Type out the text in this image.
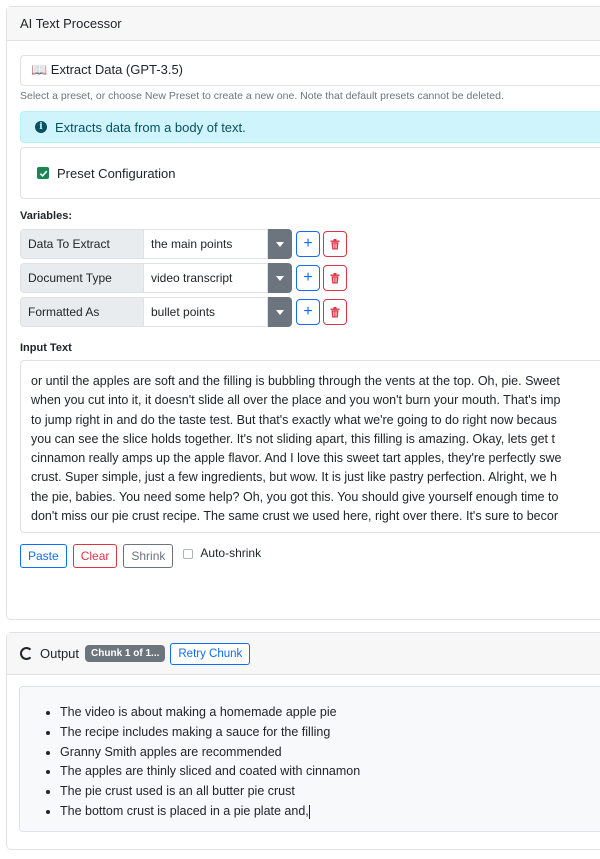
AI Text Processor
📖 Extract Data (GPT-3.5)
Select a preset, or choose New Preset to create a new one. Note that default presets cannot be deleted.
i Extracts data from a body of text.
Preset Configuration
Variables:
Data To Extract	the main points	+
Document Type	video transcript	+
Formatted As	bullet points	+
Input Text
or until the apples are soft and the filling is bubbling through the vents at the top. Oh, pie. Sweet
when you cut into it, it doesn't slide all over the place and you won't burn your mouth. That's imp
to jump right in and do the taste test. But that's exactly what we're going to do right now becaus
you can see the slice holds together. It's not sliding apart, this filling is amazing. Okay, lets get t
cinnamon really amps up the apple flavor. And I love this sweet tart apples, they're perfectly swe
crust. Super simple, just a few ingredients, but wow. It is just like pastry perfection. Alright, we h
the pie, babies. You need some help? Oh, you got this. You should give yourself enough time to
don't miss our pie crust recipe. The same crust we used here, right over there. It's sure to becor
Paste	Clear	Shrink	Auto-shrink
Output	Chunk 1 of 1...	Retry Chunk
• The video is about making a homemade apple pie
• The recipe includes making a sauce for the filling
• Granny Smith apples are recommended
• The apples are thinly sliced and coated with cinnamon
• The pie crust used is an all butter pie crust
• The bottom crust is placed in a pie plate and,
